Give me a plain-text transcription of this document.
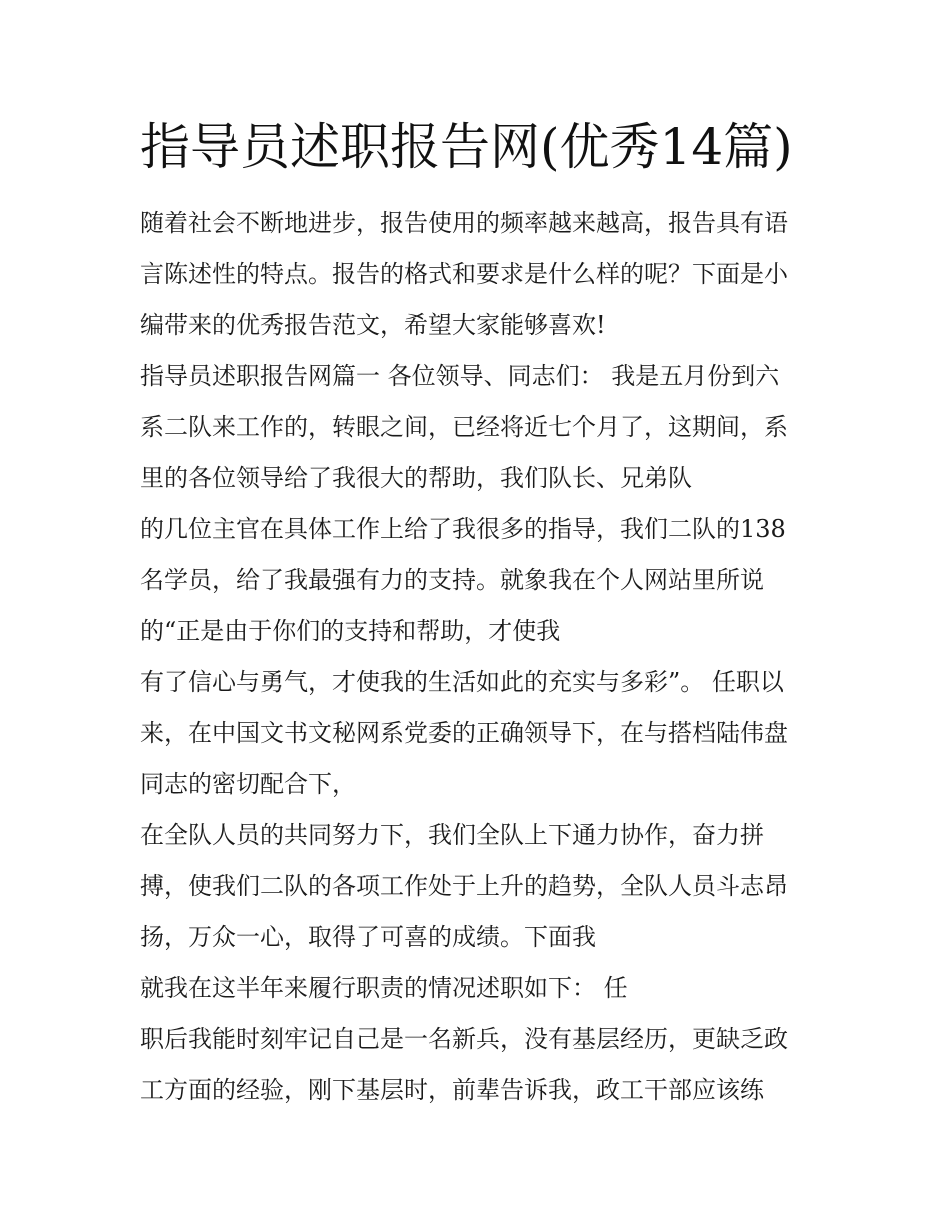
指导员述职报告网(优秀14篇)
随着社会不断地进步，报告使用的频率越来越高，报告具有语
言陈述性的特点。报告的格式和要求是什么样的呢？下面是小
编带来的优秀报告范文，希望大家能够喜欢!
指导员述职报告网篇一 各位领导、同志们： 我是五月份到六
系二队来工作的，转眼之间，已经将近七个月了，这期间，系
里的各位领导给了我很大的帮助，我们队长、兄弟队
的几位主官在具体工作上给了我很多的指导，我们二队的138
名学员，给了我最强有力的支持。就象我在个人网站里所说
的“正是由于你们的支持和帮助，才使我
有了信心与勇气，才使我的生活如此的充实与多彩”。 任职以
来，在中国文书文秘网系党委的正确领导下，在与搭档陆伟盘
同志的密切配合下，
在全队人员的共同努力下，我们全队上下通力协作，奋力拼
搏，使我们二队的各项工作处于上升的趋势，全队人员斗志昂
扬，万众一心，取得了可喜的成绩。下面我
就我在这半年来履行职责的情况述职如下： 任
职后我能时刻牢记自己是一名新兵，没有基层经历，更缺乏政
工方面的经验，刚下基层时，前辈告诉我，政工干部应该练
